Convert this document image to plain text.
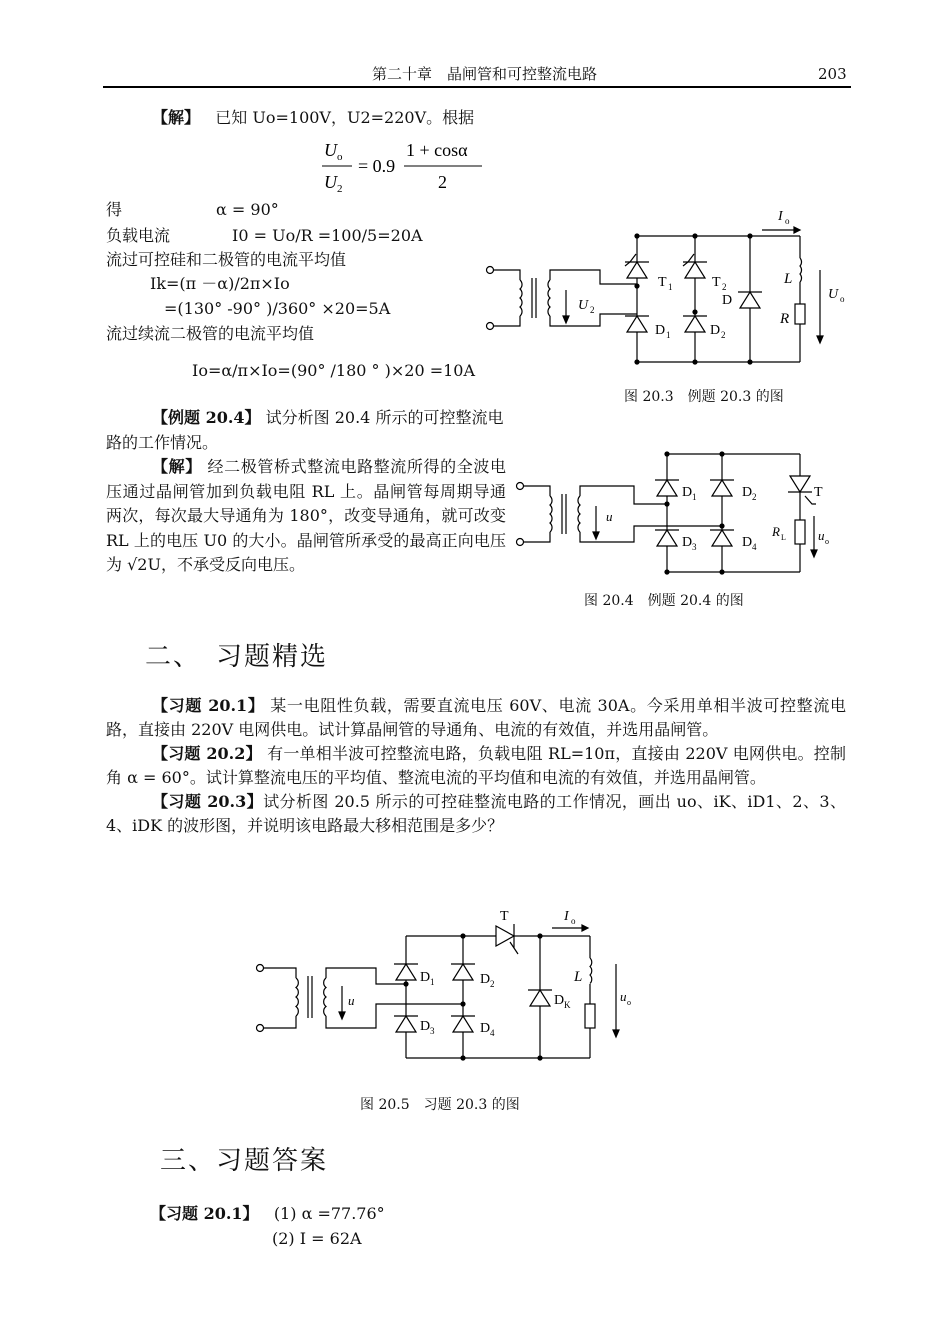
第二十章　晶闸管和可控整流电路	203
【解】 已知 Uo=100V，U2=220V。根据
U o
U 2
= 0.9
1 + cosα
2
得	α = 90°
负载电流	I0 = Uo/R =100/5=20A
流过可控硅和二极管的电流平均值
Ik=(π －α)/2π×Io
=(130° -90° )/360° ×20=5A
流过续流二极管的电流平均值
Io=α/π×Io=(90° /180 ° )×20 =10A
T 1	T 2
D
D 1	D 2
L
R
U 2
U o
I o
图 20.3　例题 20.3 的图
【例题 20.4】 试分析图 20.4 所示的可控整流电路的工作情况。
【解】 经二极管桥式整流电路整流所得的全波电压通过晶闸管加到负载电阻 RL 上。晶闸管每周期导通两次，每次最大导通角为 180°，改变导通角，就可改变 RL 上的电压 U0 的大小。晶闸管所承受的最高正向电压为 √2U，不承受反向电压。
D 1	D 2
D 3	D 4
T
R L u o
u
图 20.4　例题 20.4 的图
二、　习题精选
【习题 20.1】 某一电阻性负载，需要直流电压 60V、电流 30A。今采用单相半波可控整流电路，直接由 220V 电网供电。试计算晶闸管的导通角、电流的有效值，并选用晶闸管。
【习题 20.2】 有一单相半波可控整流电路，负载电阻 RL=10π，直接由 220V 电网供电。控制角 α = 60°。试计算整流电压的平均值、整流电流的平均值和电流的有效值，并选用晶闸管。
【习题 20.3】试分析图 20.5 所示的可控硅整流电路的工作情况，画出 uo、iK、iD1、2、3、4、iDK 的波形图，并说明该电路最大移相范围是多少？
D 1	D 2
D 3	D 4
D K
T
L
u o
u
I o
图 20.5　习题 20.3 的图
三、习题答案
【习题 20.1】 (1) α =77.76°
(2) I = 62A
